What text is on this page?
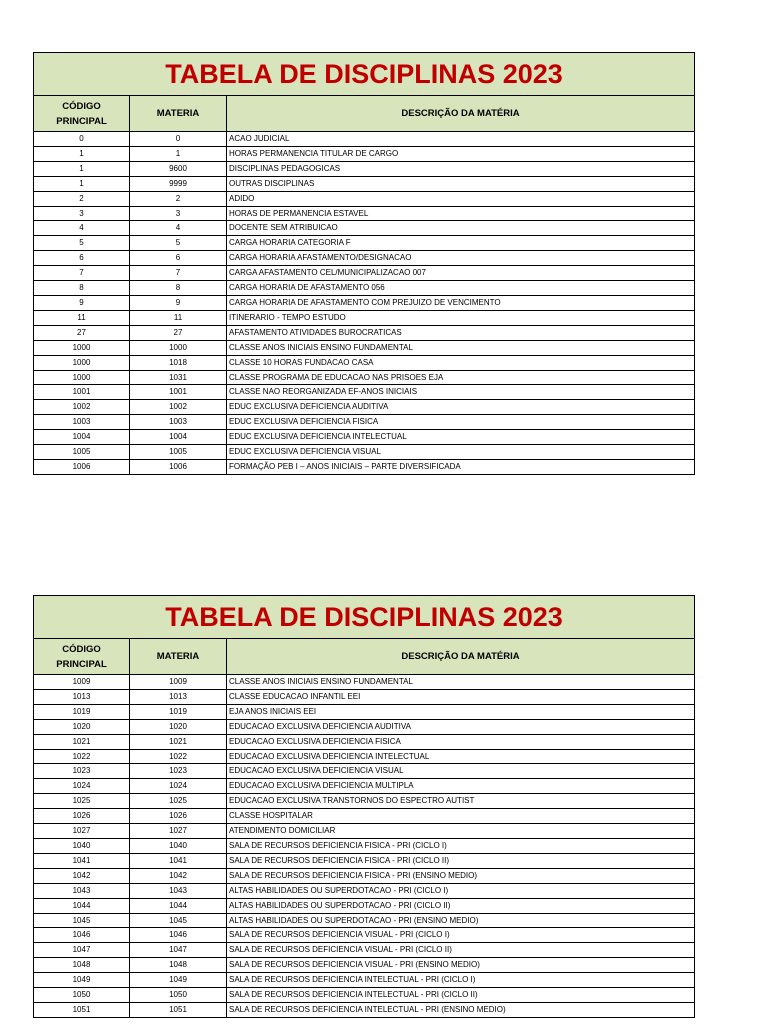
TABELA DE DISCIPLINAS 2023		
CÓDIGO PRINCIPAL	MATERIA	DESCRIÇÃO DA MATÉRIA
0	0	ACAO JUDICIAL
1	1	HORAS PERMANENCIA TITULAR DE CARGO
1	9600	DISCIPLINAS PEDAGOGICAS
1	9999	OUTRAS DISCIPLINAS
2	2	ADIDO
3	3	HORAS DE PERMANENCIA ESTAVEL
4	4	DOCENTE SEM ATRIBUICAO
5	5	CARGA HORARIA CATEGORIA F
6	6	CARGA HORARIA AFASTAMENTO/DESIGNACAO
7	7	CARGA AFASTAMENTO CEL/MUNICIPALIZACAO 007
8	8	CARGA HORARIA DE AFASTAMENTO 056
9	9	CARGA HORARIA DE AFASTAMENTO COM PREJUIZO DE VENCIMENTO
11	11	ITINERARIO - TEMPO ESTUDO
27	27	AFASTAMENTO ATIVIDADES BUROCRATICAS
1000	1000	CLASSE ANOS INICIAIS ENSINO FUNDAMENTAL
1000	1018	CLASSE 10 HORAS FUNDACAO CASA
1000	1031	CLASSE PROGRAMA DE EDUCACAO NAS PRISOES EJA
1001	1001	CLASSE NAO REORGANIZADA EF-ANOS INICIAIS
1002	1002	EDUC EXCLUSIVA DEFICIENCIA AUDITIVA
1003	1003	EDUC EXCLUSIVA DEFICIENCIA FISICA
1004	1004	EDUC EXCLUSIVA DEFICIENCIA INTELECTUAL
1005	1005	EDUC EXCLUSIVA DEFICIENCIA VISUAL
1006	1006	FORMAÇÃO PEB I – ANOS INICIAIS – PARTE DIVERSIFICADA
TABELA DE DISCIPLINAS 2023		
CÓDIGO PRINCIPAL	MATERIA	DESCRIÇÃO DA MATÉRIA
1009	1009	CLASSE ANOS INICIAIS ENSINO FUNDAMENTAL
1013	1013	CLASSE EDUCACAO INFANTIL EEI
1019	1019	EJA ANOS INICIAIS EEI
1020	1020	EDUCACAO EXCLUSIVA DEFICIENCIA AUDITIVA
1021	1021	EDUCACAO EXCLUSIVA DEFICIENCIA FISICA
1022	1022	EDUCACAO EXCLUSIVA DEFICIENCIA INTELECTUAL
1023	1023	EDUCACAO EXCLUSIVA DEFICIENCIA VISUAL
1024	1024	EDUCACAO EXCLUSIVA DEFICIENCIA MULTIPLA
1025	1025	EDUCACAO EXCLUSIVA TRANSTORNOS DO ESPECTRO AUTIST
1026	1026	CLASSE HOSPITALAR
1027	1027	ATENDIMENTO DOMICILIAR
1040	1040	SALA DE RECURSOS DEFICIENCIA FISICA - PRI (CICLO I)
1041	1041	SALA DE RECURSOS DEFICIENCIA FISICA - PRI (CICLO II)
1042	1042	SALA DE RECURSOS DEFICIENCIA FISICA - PRI (ENSINO MEDIO)
1043	1043	ALTAS HABILIDADES OU SUPERDOTACAO - PRI (CICLO I)
1044	1044	ALTAS HABILIDADES OU SUPERDOTACAO - PRI (CICLO II)
1045	1045	ALTAS HABILIDADES OU SUPERDOTACAO - PRI (ENSINO MEDIO)
1046	1046	SALA DE RECURSOS DEFICIENCIA VISUAL - PRI (CICLO I)
1047	1047	SALA DE RECURSOS DEFICIENCIA VISUAL - PRI (CICLO II)
1048	1048	SALA DE RECURSOS DEFICIENCIA VISUAL - PRI (ENSINO MEDIO)
1049	1049	SALA DE RECURSOS DEFICIENCIA INTELECTUAL - PRI (CICLO I)
1050	1050	SALA DE RECURSOS DEFICIENCIA INTELECTUAL - PRI (CICLO II)
1051	1051	SALA DE RECURSOS DEFICIENCIA INTELECTUAL - PRI (ENSINO MEDIO)
